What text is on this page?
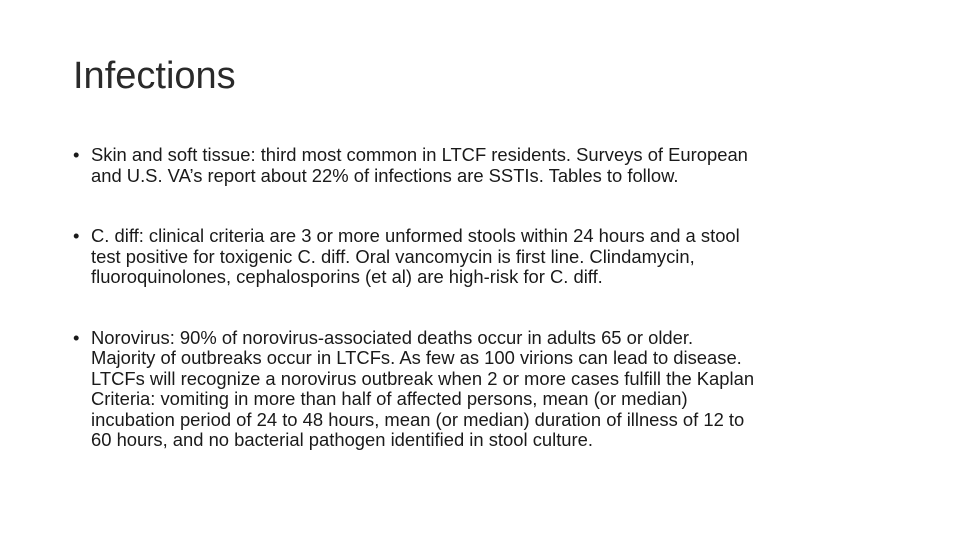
Infections
• Skin and soft tissue: third most common in LTCF residents. Surveys of European
and U.S. VA’s report about 22% of infections are SSTIs. Tables to follow.
• C. diff: clinical criteria are 3 or more unformed stools within 24 hours and a stool
test positive for toxigenic C. diff. Oral vancomycin is first line. Clindamycin,
fluoroquinolones, cephalosporins (et al) are high-risk for C. diff.
• Norovirus: 90% of norovirus-associated deaths occur in adults 65 or older.
Majority of outbreaks occur in LTCFs. As few as 100 virions can lead to disease.
LTCFs will recognize a norovirus outbreak when 2 or more cases fulfill the Kaplan
Criteria: vomiting in more than half of affected persons, mean (or median)
incubation period of 24 to 48 hours, mean (or median) duration of illness of 12 to
60 hours, and no bacterial pathogen identified in stool culture.
